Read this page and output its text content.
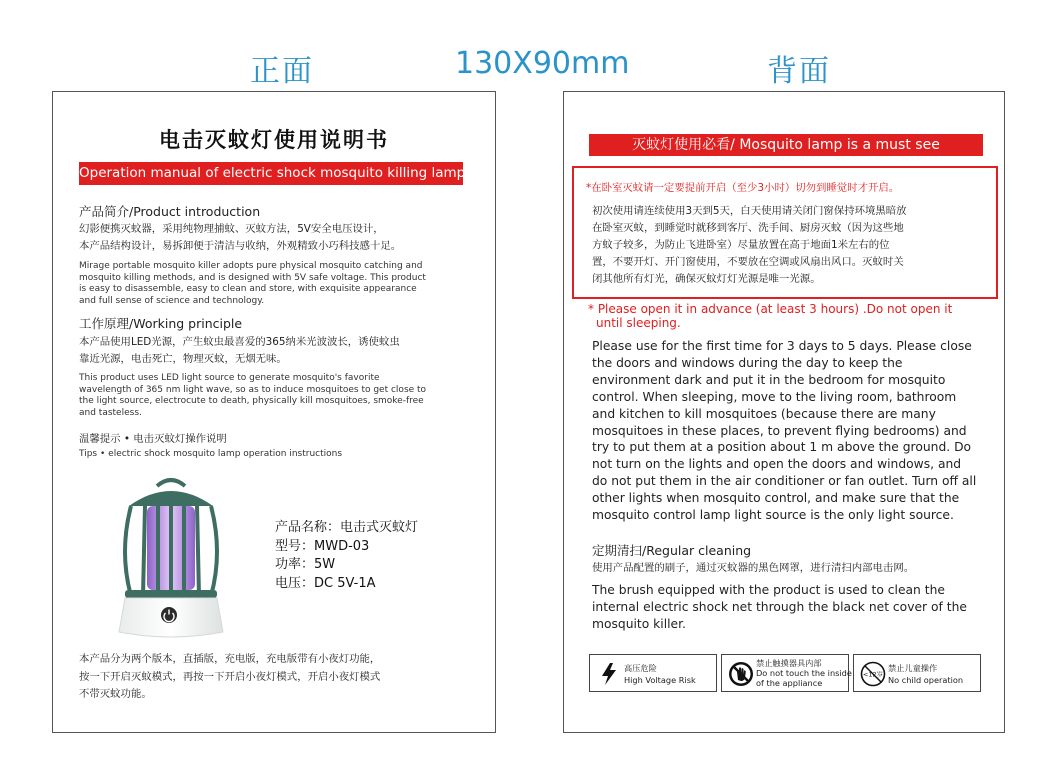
正面	130X90mm	背面
电击灭蚊灯使用说明书
Operation manual of electric shock mosquito killing lamp
产品简介/Product introduction
幻影便携灭蚊器，采用纯物理捕蚊、灭蚊方法，5V安全电压设计，
本产品结构设计，易拆卸便于清洁与收纳，外观精致小巧科技感十足。
Mirage portable mosquito killer adopts pure physical mosquito catching and
mosquito killing methods, and is designed with 5V safe voltage. This product
is easy to disassemble, easy to clean and store, with exquisite appearance
and full sense of science and technology.
工作原理/Working principle
本产品使用LED光源，产生蚊虫最喜爱的365纳米光波波长，诱使蚊虫
靠近光源，电击死亡，物理灭蚊，无烟无味。
This product uses LED light source to generate mosquito's favorite
wavelength of 365 nm light wave, so as to induce mosquitoes to get close to
the light source, electrocute to death, physically kill mosquitoes, smoke-free
and tasteless.
温馨提示 • 电击灭蚊灯操作说明
Tips • electric shock mosquito lamp operation instructions
产品名称：电击式灭蚊灯
型号：MWD-03
功率：5W
电压：DC 5V-1A
本产品分为两个版本，直插版，充电版，充电版带有小夜灯功能，
按一下开启灭蚊模式，再按一下开启小夜灯模式，开启小夜灯模式
不带灭蚊功能。
灭蚊灯使用必看/ Mosquito lamp is a must see
*在卧室灭蚊请一定要提前开启（至少3小时）切勿到睡觉时才开启。
初次使用请连续使用3天到5天，白天使用请关闭门窗保持环境黑暗放
在卧室灭蚊，到睡觉时就移到客厅、洗手间、厨房灭蚊（因为这些地
方蚊子较多，为防止飞进卧室）尽量放置在高于地面1米左右的位
置，不要开灯、开门窗使用，不要放在空调或风扇出风口。灭蚊时关
闭其他所有灯光，确保灭蚊灯灯光源是唯一光源。
* Please open it in advance (at least 3 hours) .Do not open it
until sleeping.
Please use for the first time for 3 days to 5 days. Please close
the doors and windows during the day to keep the
environment dark and put it in the bedroom for mosquito
control. When sleeping, move to the living room, bathroom
and kitchen to kill mosquitoes (because there are many
mosquitoes in these places, to prevent flying bedrooms) and
try to put them at a position about 1 m above the ground. Do
not turn on the lights and open the doors and windows, and
do not put them in the air conditioner or fan outlet. Turn off all
other lights when mosquito control, and make sure that the
mosquito control lamp light source is the only light source.
定期清扫/Regular cleaning
使用产品配置的刷子，通过灭蚊器的黑色网罩，进行清扫内部电击网。
The brush equipped with the product is used to clean the
internal electric shock net through the black net cover of the
mosquito killer.
高压危险
High Voltage Risk
禁止触摸器具内部
Do not touch the inside
of the appliance
<12岁
禁止儿童操作
No child operation
